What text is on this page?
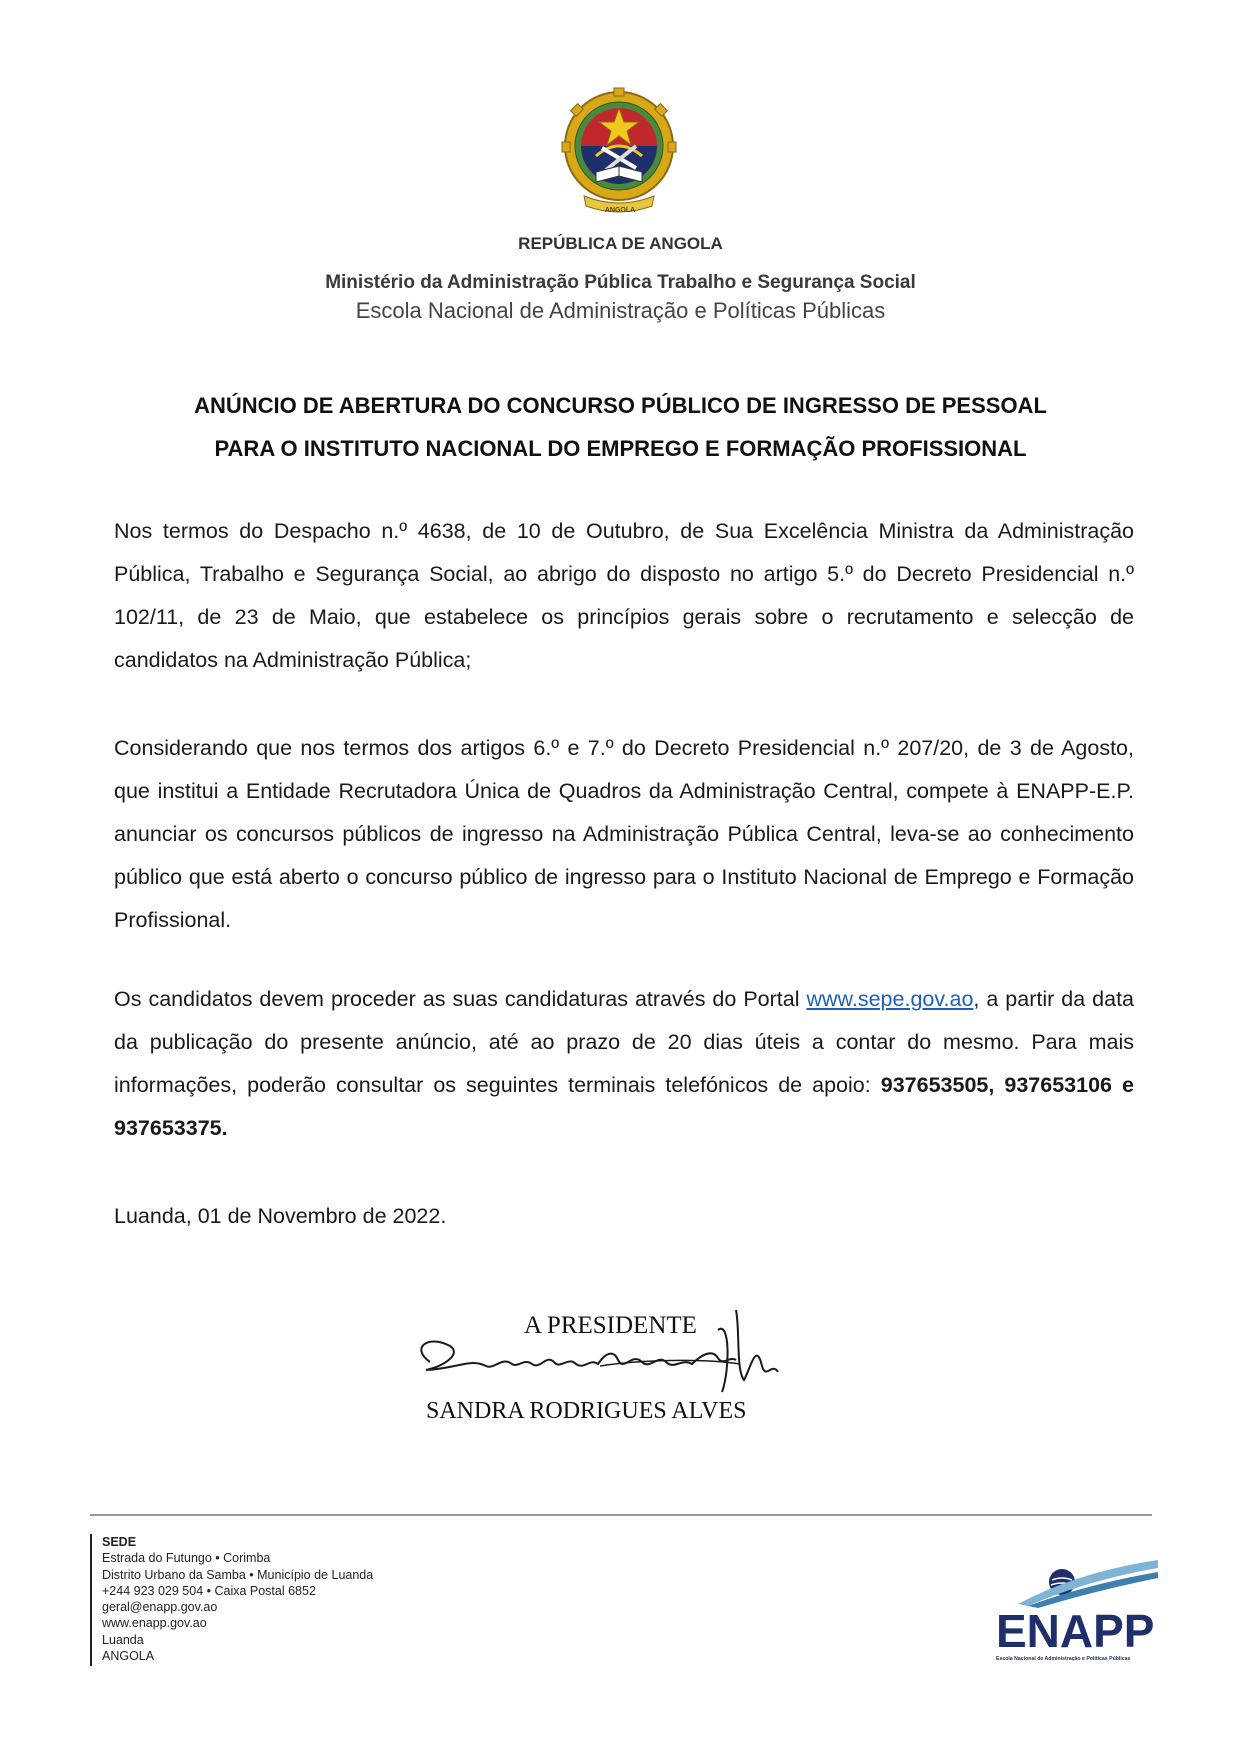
ANGOLA
REPÚBLICA DE ANGOLA
Ministério da Administração Pública Trabalho e Segurança Social
Escola Nacional de Administração e Políticas Públicas
ANÚNCIO DE ABERTURA DO CONCURSO PÚBLICO DE INGRESSO DE PESSOAL
PARA O INSTITUTO NACIONAL DO EMPREGO E FORMAÇÃO PROFISSIONAL
Nos termos do Despacho n.º 4638, de 10 de Outubro, de Sua Excelência Ministra da Administração Pública, Trabalho e Segurança Social, ao abrigo do disposto no artigo 5.º do Decreto Presidencial n.º 102/11, de 23 de Maio, que estabelece os princípios gerais sobre o recrutamento e selecção de candidatos na Administração Pública;
Considerando que nos termos dos artigos 6.º e 7.º do Decreto Presidencial n.º 207/20, de 3 de Agosto, que institui a Entidade Recrutadora Única de Quadros da Administração Central, compete à ENAPP-E.P. anunciar os concursos públicos de ingresso na Administração Pública Central, leva-se ao conhecimento público que está aberto o concurso público de ingresso para o Instituto Nacional de Emprego e Formação Profissional.
Os candidatos devem proceder as suas candidaturas através do Portal www.sepe.gov.ao, a partir da data da publicação do presente anúncio, até ao prazo de 20 dias úteis a contar do mesmo. Para mais informações, poderão consultar os seguintes terminais telefónicos de apoio: 937653505, 937653106 e 937653375.
Luanda, 01 de Novembro de 2022.
A PRESIDENTE
SANDRA RODRIGUES ALVES
SEDE
Estrada do Futungo • Corimba
Distrito Urbano da Samba • Município de Luanda
+244 923 029 504 • Caixa Postal 6852
geral@enapp.gov.ao
www.enapp.gov.ao
Luanda
ANGOLA	ENAPP
Escola Nacional de Administração e Políticas Públicas
